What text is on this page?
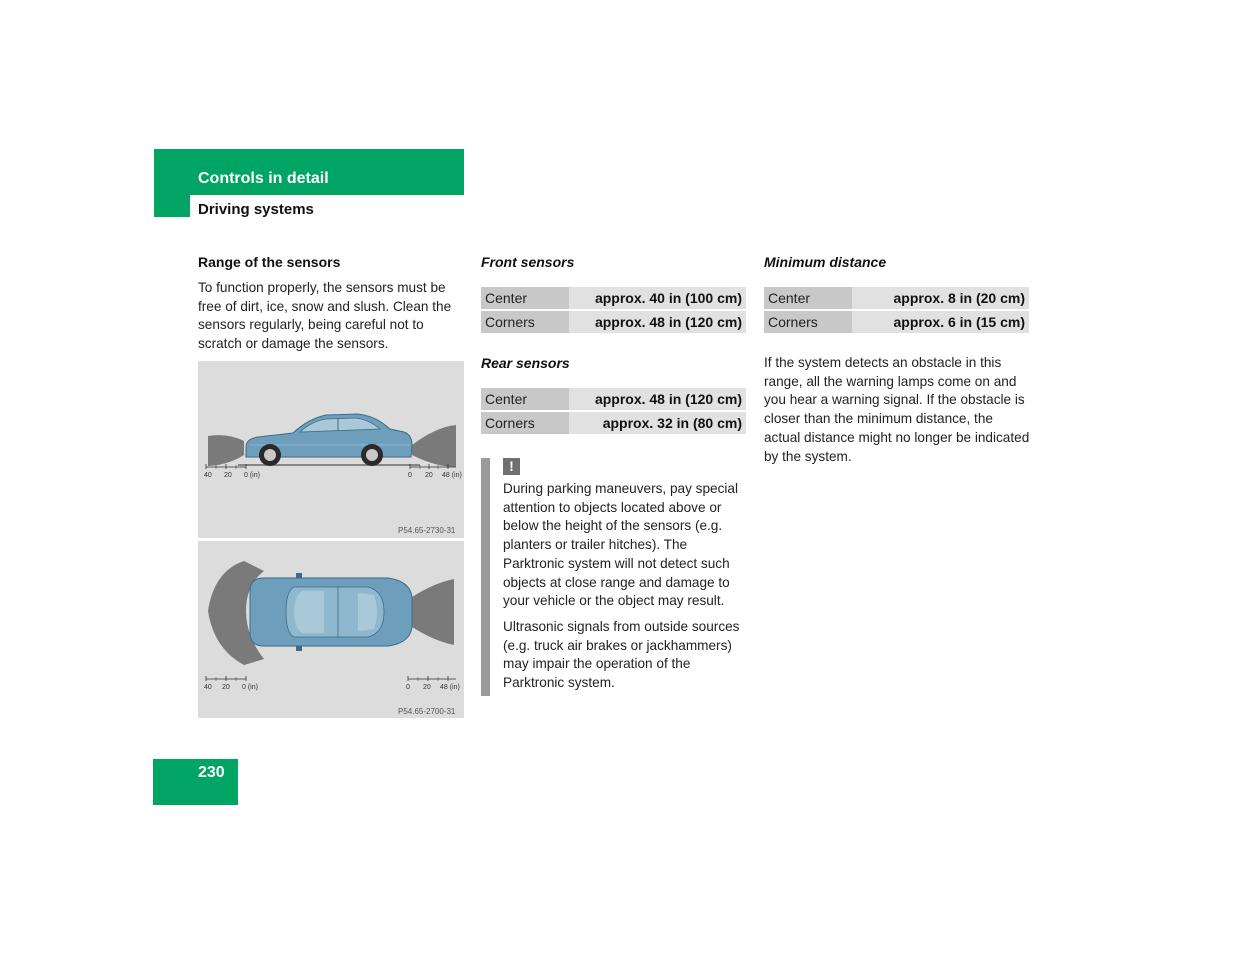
Controls in detail
Driving systems
Range of the sensors
To function properly, the sensors must be free of dirt, ice, snow and slush. Clean the sensors regularly, being careful not to scratch or damage the sensors.
40 20 0 (in)	0 20 48 (in)
P54.65-2730-31
40 20 0 (in)	0 20 48 (in)
P54.65-2700-31
Front sensors
Center	approx. 40 in (100 cm)
Corners	approx. 48 in (120 cm)
Rear sensors
Center	approx. 48 in (120 cm)
Corners	approx. 32 in (80 cm)
!
During parking maneuvers, pay special attention to objects located above or below the height of the sensors (e.g. planters or trailer hitches). The Parktronic system will not detect such objects at close range and damage to your vehicle or the object may result.
Ultrasonic signals from outside sources (e.g. truck air brakes or jackhammers) may impair the operation of the Parktronic system.
Minimum distance
Center	approx. 8 in (20 cm)
Corners	approx. 6 in (15 cm)
If the system detects an obstacle in this range, all the warning lamps come on and you hear a warning signal. If the obstacle is closer than the minimum distance, the actual distance might no longer be indicated by the system.
230
